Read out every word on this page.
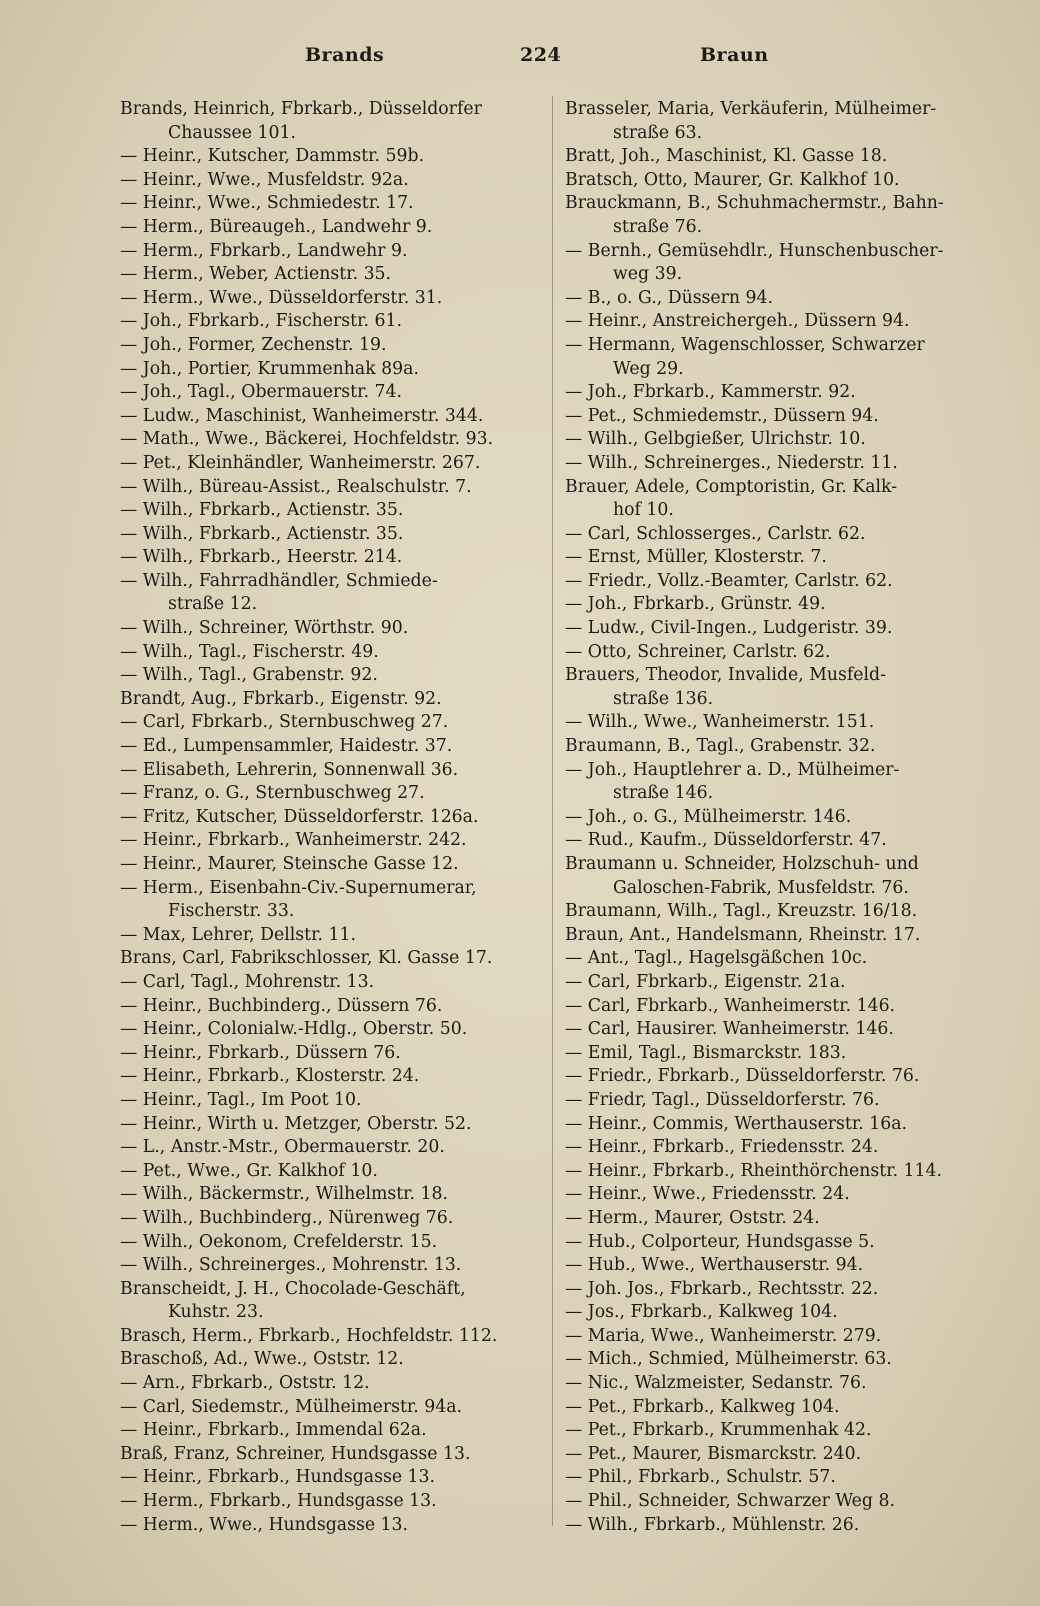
Brands	224	Braun
Brands, Heinrich, Fbrkarb., Düsseldorfer
Chaussee 101.
— Heinr., Kutscher, Dammstr. 59b.
— Heinr., Wwe., Musfeldstr. 92a.
— Heinr., Wwe., Schmiedestr. 17.
— Herm., Büreaugeh., Landwehr 9.
— Herm., Fbrkarb., Landwehr 9.
— Herm., Weber, Actienstr. 35.
— Herm., Wwe., Düsseldorferstr. 31.
— Joh., Fbrkarb., Fischerstr. 61.
— Joh., Former, Zechenstr. 19.
— Joh., Portier, Krummenhak 89a.
— Joh., Tagl., Obermauerstr. 74.
— Ludw., Maschinist, Wanheimerstr. 344.
— Math., Wwe., Bäckerei, Hochfeldstr. 93.
— Pet., Kleinhändler, Wanheimerstr. 267.
— Wilh., Büreau-Assist., Realschulstr. 7.
— Wilh., Fbrkarb., Actienstr. 35.
— Wilh., Fbrkarb., Actienstr. 35.
— Wilh., Fbrkarb., Heerstr. 214.
— Wilh., Fahrradhändler, Schmiede-
straße 12.
— Wilh., Schreiner, Wörthstr. 90.
— Wilh., Tagl., Fischerstr. 49.
— Wilh., Tagl., Grabenstr. 92.
Brandt, Aug., Fbrkarb., Eigenstr. 92.
— Carl, Fbrkarb., Sternbuschweg 27.
— Ed., Lumpensammler, Haidestr. 37.
— Elisabeth, Lehrerin, Sonnenwall 36.
— Franz, o. G., Sternbuschweg 27.
— Fritz, Kutscher, Düsseldorferstr. 126a.
— Heinr., Fbrkarb., Wanheimerstr. 242.
— Heinr., Maurer, Steinsche Gasse 12.
— Herm., Eisenbahn-Civ.-Supernumerar,
Fischerstr. 33.
— Max, Lehrer, Dellstr. 11.
Brans, Carl, Fabrikschlosser, Kl. Gasse 17.
— Carl, Tagl., Mohrenstr. 13.
— Heinr., Buchbinderg., Düssern 76.
— Heinr., Colonialw.-Hdlg., Oberstr. 50.
— Heinr., Fbrkarb., Düssern 76.
— Heinr., Fbrkarb., Klosterstr. 24.
— Heinr., Tagl., Im Poot 10.
— Heinr., Wirth u. Metzger, Oberstr. 52.
— L., Anstr.-Mstr., Obermauerstr. 20.
— Pet., Wwe., Gr. Kalkhof 10.
— Wilh., Bäckermstr., Wilhelmstr. 18.
— Wilh., Buchbinderg., Nürenweg 76.
— Wilh., Oekonom, Crefelderstr. 15.
— Wilh., Schreinerges., Mohrenstr. 13.
Branscheidt, J. H., Chocolade-Geschäft,
Kuhstr. 23.
Brasch, Herm., Fbrkarb., Hochfeldstr. 112.
Braschoß, Ad., Wwe., Oststr. 12.
— Arn., Fbrkarb., Oststr. 12.
— Carl, Siedemstr., Mülheimerstr. 94a.
— Heinr., Fbrkarb., Immendal 62a.
Braß, Franz, Schreiner, Hundsgasse 13.
— Heinr., Fbrkarb., Hundsgasse 13.
— Herm., Fbrkarb., Hundsgasse 13.
— Herm., Wwe., Hundsgasse 13.
Brasseler, Maria, Verkäuferin, Mülheimer-
straße 63.
Bratt, Joh., Maschinist, Kl. Gasse 18.
Bratsch, Otto, Maurer, Gr. Kalkhof 10.
Brauckmann, B., Schuhmachermstr., Bahn-
straße 76.
— Bernh., Gemüsehdlr., Hunschenbuscher-
weg 39.
— B., o. G., Düssern 94.
— Heinr., Anstreichergeh., Düssern 94.
— Hermann, Wagenschlosser, Schwarzer
Weg 29.
— Joh., Fbrkarb., Kammerstr. 92.
— Pet., Schmiedemstr., Düssern 94.
— Wilh., Gelbgießer, Ulrichstr. 10.
— Wilh., Schreinerges., Niederstr. 11.
Brauer, Adele, Comptoristin, Gr. Kalk-
hof 10.
— Carl, Schlosserges., Carlstr. 62.
— Ernst, Müller, Klosterstr. 7.
— Friedr., Vollz.-Beamter, Carlstr. 62.
— Joh., Fbrkarb., Grünstr. 49.
— Ludw., Civil-Ingen., Ludgeristr. 39.
— Otto, Schreiner, Carlstr. 62.
Brauers, Theodor, Invalide, Musfeld-
straße 136.
— Wilh., Wwe., Wanheimerstr. 151.
Braumann, B., Tagl., Grabenstr. 32.
— Joh., Hauptlehrer a. D., Mülheimer-
straße 146.
— Joh., o. G., Mülheimerstr. 146.
— Rud., Kaufm., Düsseldorferstr. 47.
Braumann u. Schneider, Holzschuh- und
Galoschen-Fabrik, Musfeldstr. 76.
Braumann, Wilh., Tagl., Kreuzstr. 16/18.
Braun, Ant., Handelsmann, Rheinstr. 17.
— Ant., Tagl., Hagelsgäßchen 10c.
— Carl, Fbrkarb., Eigenstr. 21a.
— Carl, Fbrkarb., Wanheimerstr. 146.
— Carl, Hausirer. Wanheimerstr. 146.
— Emil, Tagl., Bismarckstr. 183.
— Friedr., Fbrkarb., Düsseldorferstr. 76.
— Friedr, Tagl., Düsseldorferstr. 76.
— Heinr., Commis, Werthauserstr. 16a.
— Heinr., Fbrkarb., Friedensstr. 24.
— Heinr., Fbrkarb., Rheinthörchenstr. 114.
— Heinr., Wwe., Friedensstr. 24.
— Herm., Maurer, Oststr. 24.
— Hub., Colporteur, Hundsgasse 5.
— Hub., Wwe., Werthauserstr. 94.
— Joh. Jos., Fbrkarb., Rechtsstr. 22.
— Jos., Fbrkarb., Kalkweg 104.
— Maria, Wwe., Wanheimerstr. 279.
— Mich., Schmied, Mülheimerstr. 63.
— Nic., Walzmeister, Sedanstr. 76.
— Pet., Fbrkarb., Kalkweg 104.
— Pet., Fbrkarb., Krummenhak 42.
— Pet., Maurer, Bismarckstr. 240.
— Phil., Fbrkarb., Schulstr. 57.
— Phil., Schneider, Schwarzer Weg 8.
— Wilh., Fbrkarb., Mühlenstr. 26.
